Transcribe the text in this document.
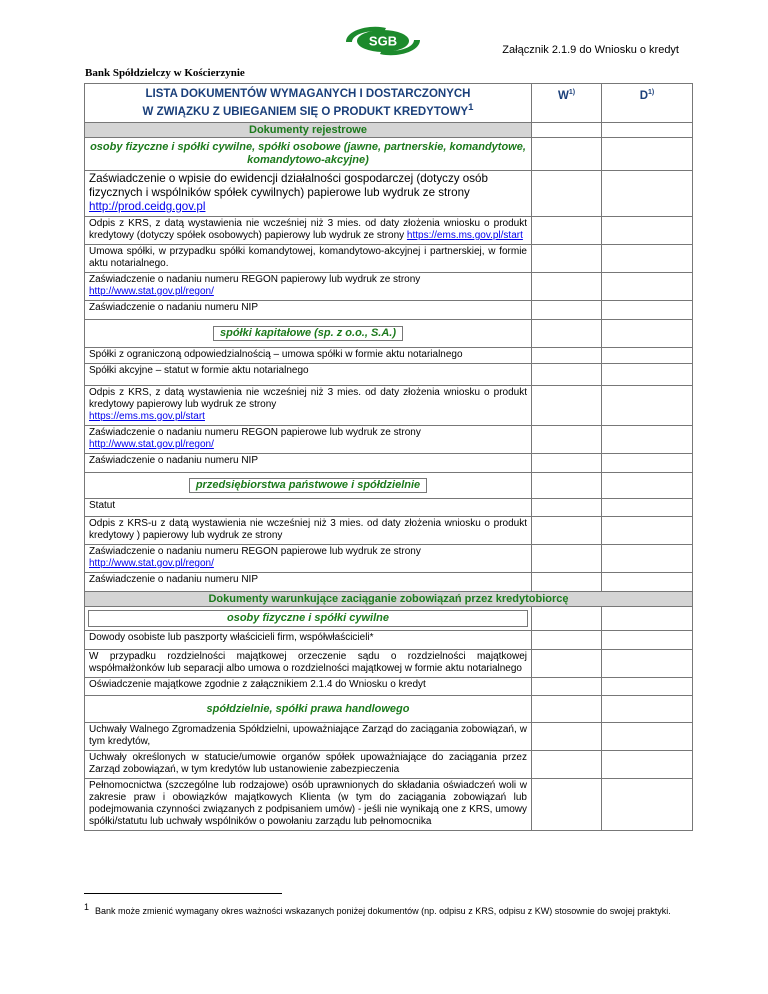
SGB
Załącznik 2.1.9 do Wniosku o kredyt
Bank Spółdzielczy w Kościerzynie
LISTA DOKUMENTÓW WYMAGANYCH I DOSTARCZONYCH
W ZWIĄZKU Z UBIEGANIEM SIĘ O PRODUKT KREDYTOWY$^1$	$W^{1)}$	$D^{1)}$
Dokumenty rejestrowe		
osoby fizyczne i spółki cywilne, spółki osobowe (jawne, partnerskie, komandytowe, komandytowo-akcyjne)		
Zaświadczenie o wpisie do ewidencji działalności gospodarczej (dotyczy osób fizycznych i wspólników spółek cywilnych) papierowe lub wydruk ze strony http://prod.ceidg.gov.pl		
Odpis z KRS, z datą wystawienia nie wcześniej niż 3 mies. od daty złożenia wniosku o produkt kredytowy (dotyczy spółek osobowych) papierowy lub wydruk ze strony https://ems.ms.gov.pl/start		
Umowa spółki, w przypadku spółki komandytowej, komandytowo-akcyjnej i partnerskiej, w formie aktu notarialnego.		

Zaświadczenie o nadaniu numeru REGON papierowy lub wydruk ze strony
http://www.stat.gov.pl/regon/		
Zaświadczenie o nadaniu numeru NIP		
spółki kapitałowe (sp. z o.o., S.A.)		
Spółki z ograniczoną odpowiedzialnością – umowa spółki w formie aktu notarialnego		
Spółki akcyjne – statut w formie aktu notarialnego		

Odpis z KRS, z datą wystawienia nie wcześniej niż 3 mies. od daty złożenia wniosku o produkt kredytowy papierowy lub wydruk ze strony
https://ems.ms.gov.pl/start		

Zaświadczenie o nadaniu numeru REGON papierowe lub wydruk ze strony
http://www.stat.gov.pl/regon/		
Zaświadczenie o nadaniu numeru NIP		
przedsiębiorstwa państwowe i spółdzielnie		
Statut		
Odpis z KRS-u z datą wystawienia nie wcześniej niż 3 mies. od daty złożenia wniosku o produkt kredytowy ) papierowy lub wydruk ze strony		

Zaświadczenie o nadaniu numeru REGON papierowe lub wydruk ze strony
http://www.stat.gov.pl/regon/		
Zaświadczenie o nadaniu numeru NIP		
Dokumenty warunkujące zaciąganie zobowiązań przez kredytobiorcę		

osoby fizyczne i spółki cywilne		

Dowody osobiste lub paszporty właścicieli firm, współwłaścicieli*		
W przypadku rozdzielności majątkowej orzeczenie sądu o rozdzielności majątkowej współmałżonków lub separacji albo umowa o rozdzielności majątkowej w formie aktu notarialnego		
Oświadczenie majątkowe zgodnie z załącznikiem 2.1.4 do Wniosku o kredyt		
spółdzielnie, spółki prawa handlowego		
Uchwały Walnego Zgromadzenia Spółdzielni, upoważniające Zarząd do zaciągania zobowiązań, w tym kredytów,		
Uchwały określonych w statucie/umowie organów spółek upoważniające do zaciągania przez Zarząd zobowiązań, w tym kredytów lub ustanowienie zabezpieczenia		
Pełnomocnictwa (szczególne lub rodzajowe) osób uprawnionych do składania oświadczeń woli w zakresie praw i obowiązków majątkowych Klienta (w tym do zaciągania zobowiązań lub podejmowania czynności związanych z podpisaniem umów) - jeśli nie wynikają one z KRS, umowy spółki/statutu lub uchwały wspólników o powołaniu zarządu lub pełnomocnika		
$^1$ Bank może zmienić wymagany okres ważności wskazanych poniżej dokumentów (np. odpisu z KRS, odpisu z KW) stosownie do swojej praktyki.
